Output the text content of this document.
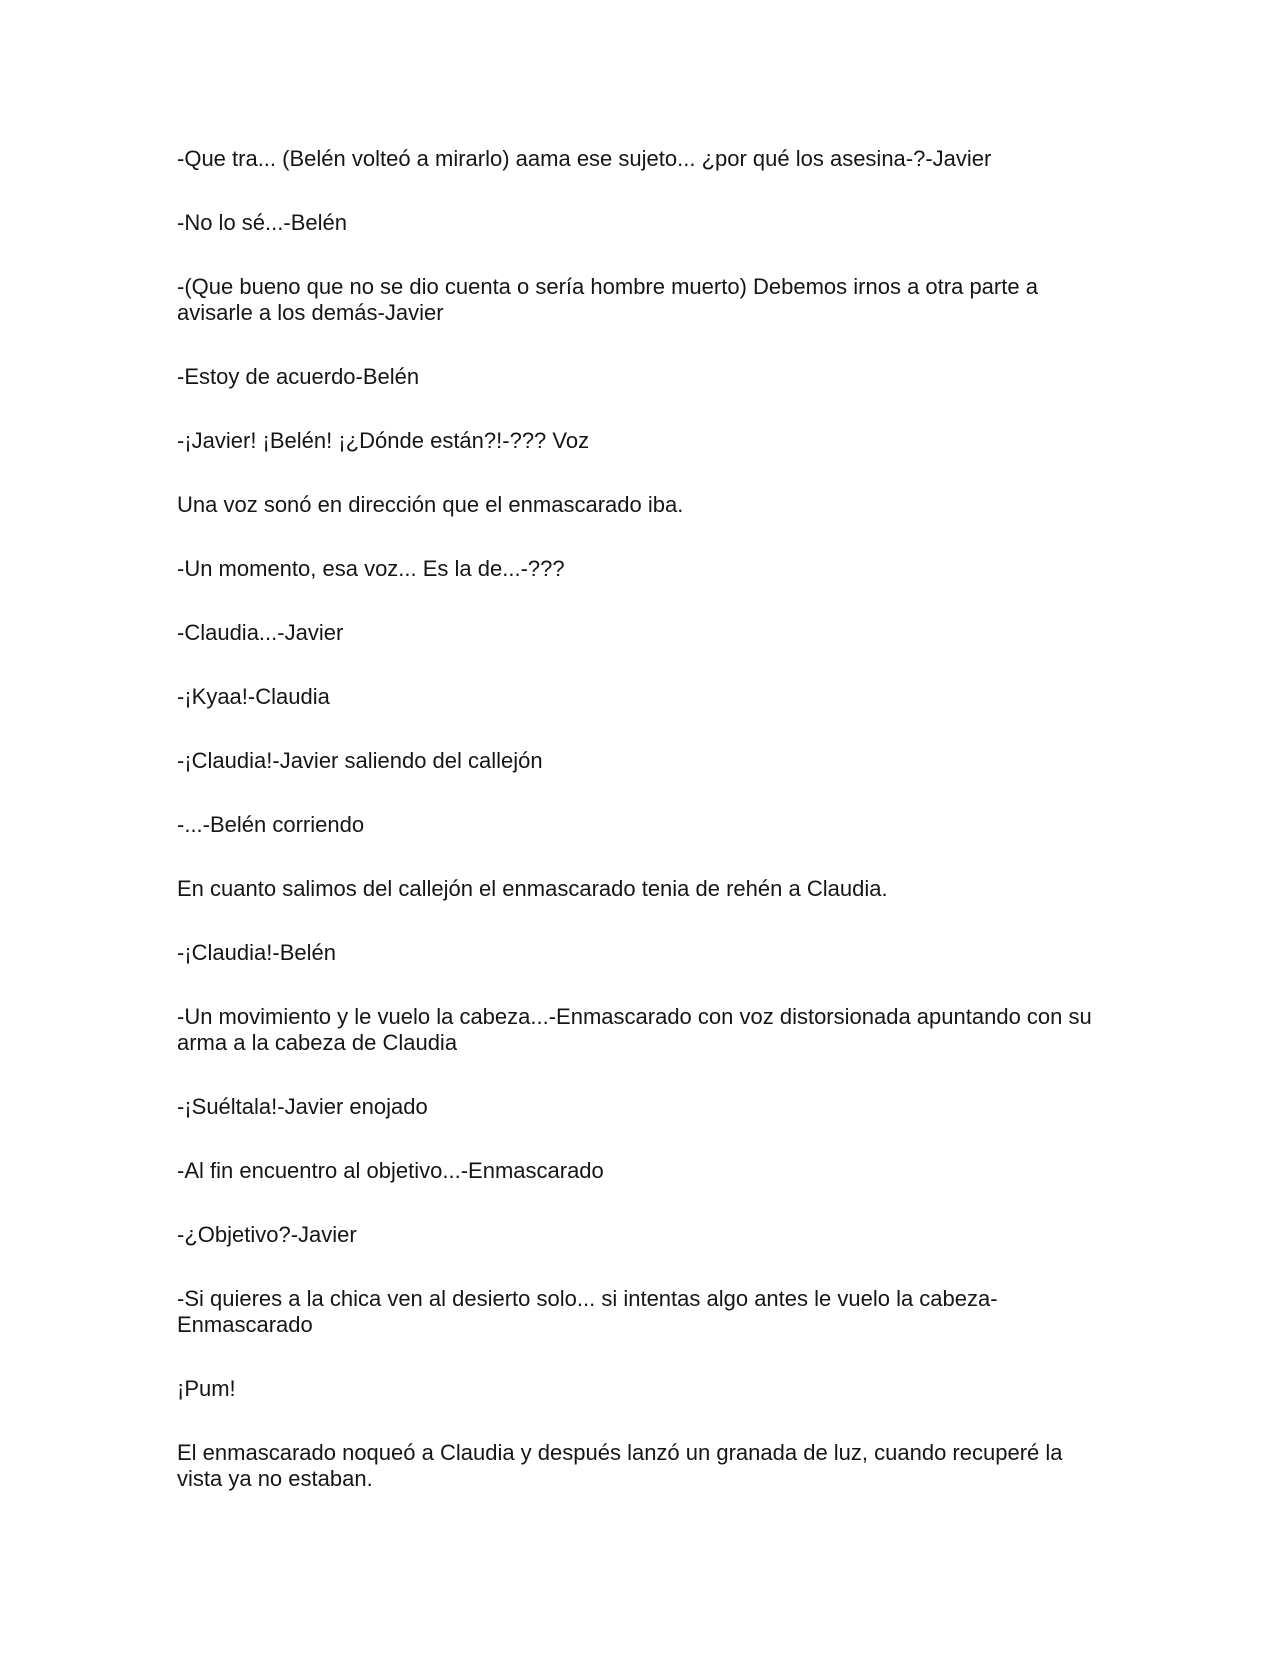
-Que tra... (Belén volteó a mirarlo) aama ese sujeto... ¿por qué los asesina-?-Javier

-No lo sé...-Belén

-(Que bueno que no se dio cuenta o sería hombre muerto) Debemos irnos a otra parte a avisarle a los demás-Javier

-Estoy de acuerdo-Belén

-¡Javier! ¡Belén! ¡¿Dónde están?!-??? Voz

Una voz sonó en dirección que el enmascarado iba.

-Un momento, esa voz... Es la de...-???

-Claudia...-Javier

-¡Kyaa!-Claudia

-¡Claudia!-Javier saliendo del callejón

-...-Belén corriendo

En cuanto salimos del callejón el enmascarado tenia de rehén a Claudia.

-¡Claudia!-Belén

-Un movimiento y le vuelo la cabeza...-Enmascarado con voz distorsionada apuntando con su arma a la cabeza de Claudia

-¡Suéltala!-Javier enojado

-Al fin encuentro al objetivo...-Enmascarado

-¿Objetivo?-Javier

-Si quieres a la chica ven al desierto solo... si intentas algo antes le vuelo la cabeza-Enmascarado

¡Pum!

El enmascarado noqueó a Claudia y después lanzó un granada de luz, cuando recuperé la vista ya no estaban.
